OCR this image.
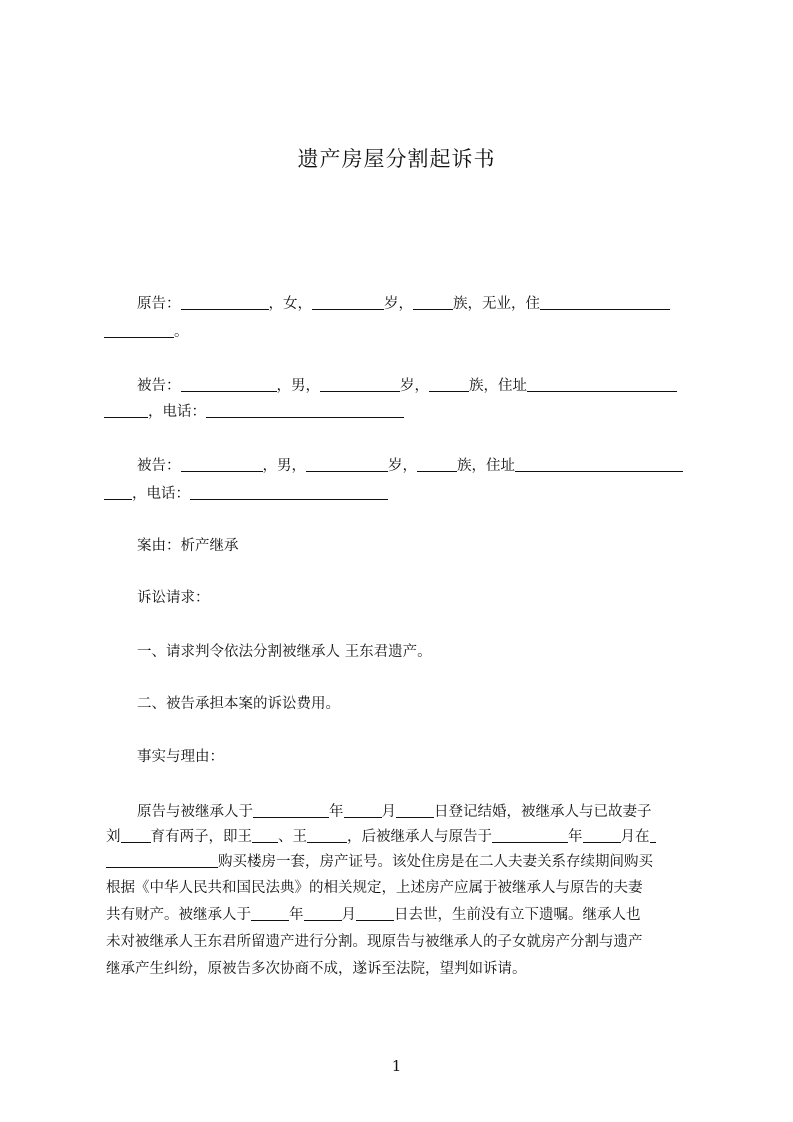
遗产房屋分割起诉书
原告：	，女，	岁，	族，无业，住
。
被告：	，男，	岁，	族，住址
，电话：
被告：	，男，	岁，	族，住址
，电话：
案由：析产继承
诉讼请求：
一、请求判令依法分割被继承人 王东君遗产。
二、被告承担本案的诉讼费用。
事实与理由：
原告与被继承人于	年	月	日登记结婚，被继承人与已故妻子
刘 育有两子，即王 、王	，后被继承人与原告于	年	月在
购买楼房一套，房产证号。该处住房是在二人夫妻关系存续期间购买
根据《中华人民共和国民法典》的相关规定，上述房产应属于被继承人与原告的夫妻
共有财产。被继承人于	年	月	日去世，生前没有立下遗嘱。继承人也
未对被继承人王东君所留遗产进行分割。现原告与被继承人的子女就房产分割与遗产
继承产生纠纷，原被告多次协商不成，遂诉至法院，望判如诉请。
1
